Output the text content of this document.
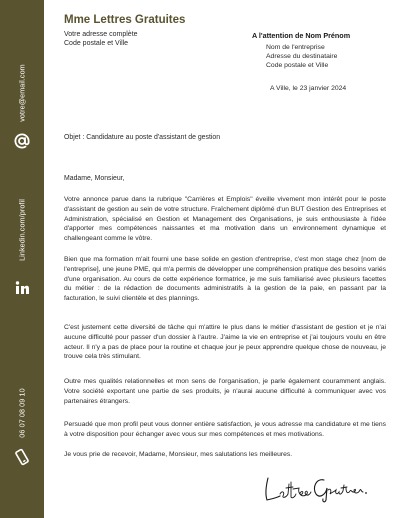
votre@email.com
Linkedin.com/profil
06 07 08 09 10
Mme Lettres Gratuites
Votre adresse complète
Code postale et Ville
A l'attention de Nom Prénom
Nom de l'entreprise
Adresse du destinataire
Code postale et Ville
A Ville, le 23 janvier 2024
Objet : Candidature au poste d'assistant de gestion
Madame, Monsieur,

Votre annonce parue dans la rubrique "Carrières et Emplois" éveille vivement mon intérêt pour le poste d'assistant de gestion au sein de votre structure. Fraîchement diplômé d'un BUT Gestion des Entreprises et Administration, spécialisé en Gestion et Management des Organisations, je suis enthousiaste à l'idée d'apporter mes compétences naissantes et ma motivation dans un environnement dynamique et challengeant comme le vôtre.

Bien que ma formation m'ait fourni une base solide en gestion d'entreprise, c'est mon stage chez [nom de l'entreprise], une jeune PME, qui m'a permis de développer une compréhension pratique des besoins variés d'une organisation. Au cours de cette expérience formatrice, je me suis familiarisé avec plusieurs facettes du métier : de la rédaction de documents administratifs à la gestion de la paie, en passant par la facturation, le suivi clientèle et des plannings.

C'est justement cette diversité de tâche qui m'attire le plus dans le métier d'assistant de gestion et je n'ai aucune difficulté pour passer d'un dossier à l'autre. J'aime la vie en entreprise et j'ai toujours voulu en être acteur. Il n'y a pas de place pour la routine et chaque jour je peux apprendre quelque chose de nouveau, je trouve cela très stimulant.

Outre mes qualités relationnelles et mon sens de l'organisation, je parle également couramment anglais. Votre société exportant une partie de ses produits, je n'aurai aucune difficulté à communiquer avec vos partenaires étrangers.

Persuadé que mon profil peut vous donner entière satisfaction, je vous adresse ma candidature et me tiens à votre disposition pour échanger avec vous sur mes compétences et mes motivations.

Je vous prie de recevoir, Madame, Monsieur, mes salutations les meilleures.
